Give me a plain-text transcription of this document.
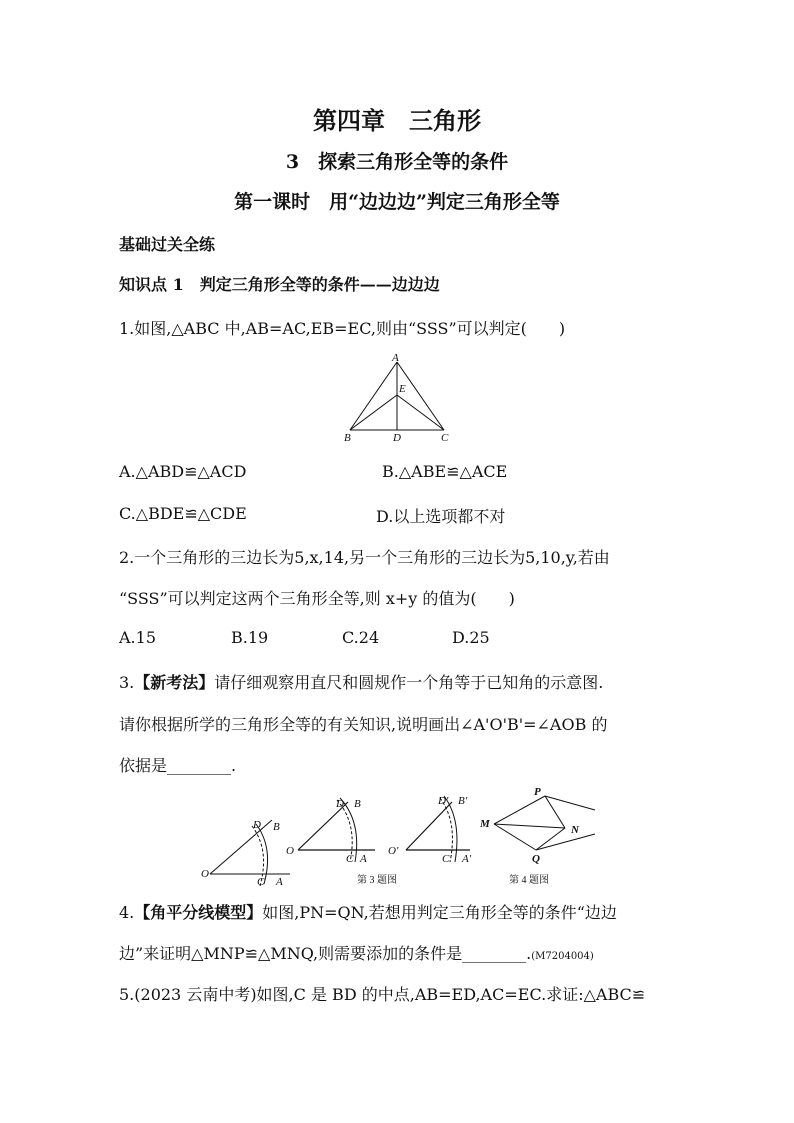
第四章　三角形
3　探索三角形全等的条件
第一课时　用“边边边”判定三角形全等
基础过关全练
知识点 1　判定三角形全等的条件——边边边
1.如图,△ABC 中,AB=AC,EB=EC,则由“SSS”可以判定(　　)
A
E
B	D	C
A.△ABD≌△ACD	B.△ABE≌△ACE
C.△BDE≌△CDE	D.以上选项都不对
2.一个三角形的三边长为5,x,14,另一个三角形的三边长为5,10,y,若由
“SSS”可以判定这两个三角形全等,则 x+y 的值为(　　)
A.15	B.19	C.24	D.25
3.【新考法】请仔细观察用直尺和圆规作一个角等于已知角的示意图.
请你根据所学的三角形全等的有关知识,说明画出∠A'O'B'=∠AOB 的
依据是________.
D B
O
C A
D B
O
C A
D' B'
O'
C' A'
第 3 题图
P
M	N
Q
第 4 题图
4.【角平分线模型】如图,PN=QN,若想用判定三角形全等的条件“边边
边”来证明△MNP≌△MNQ,则需要添加的条件是________.(M7204004)
5.(2023 云南中考)如图,C 是 BD 的中点,AB=ED,AC=EC.求证:△ABC≌
